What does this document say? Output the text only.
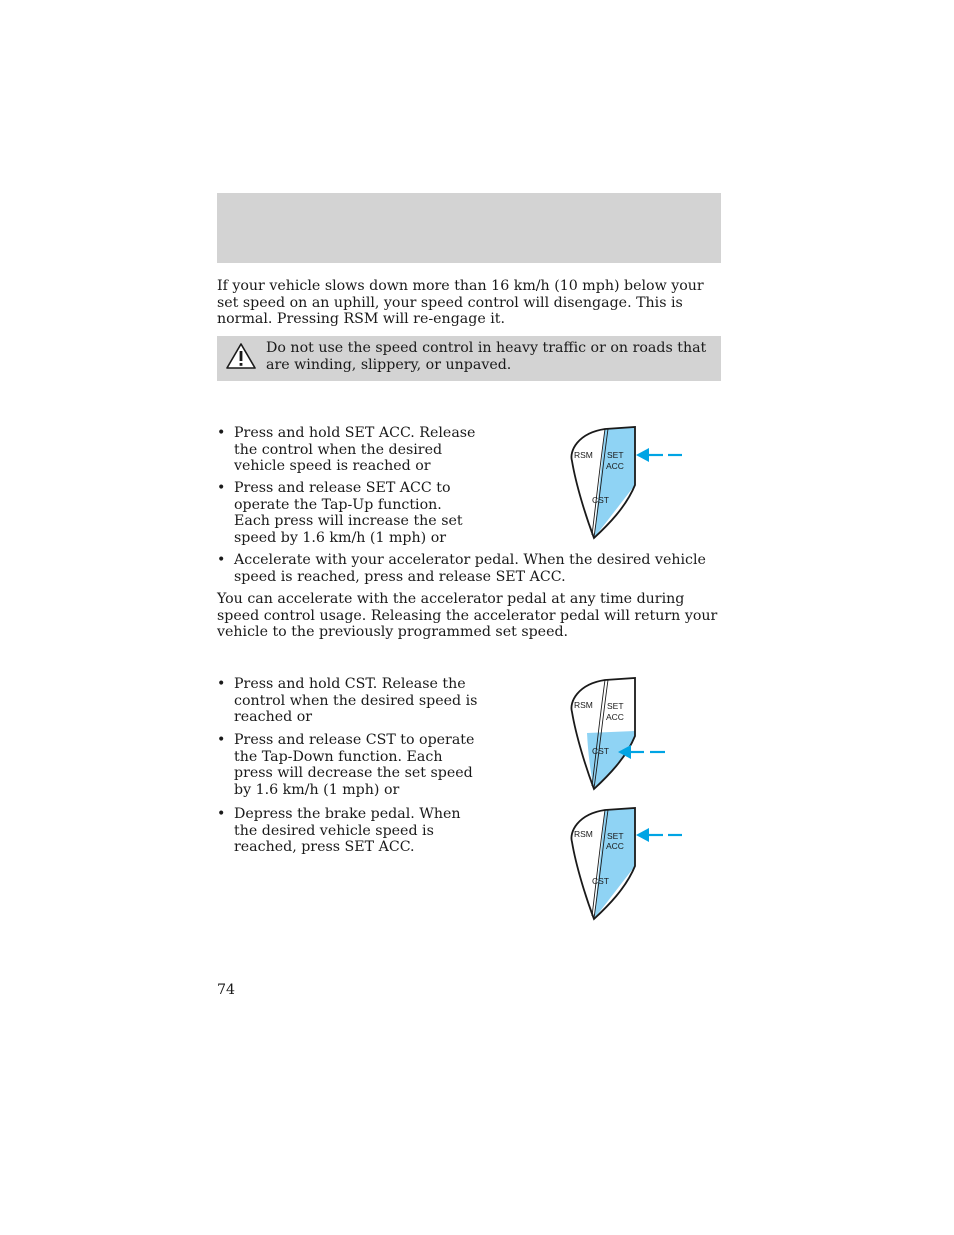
If your vehicle slows down more than 16 km/h (10 mph) below your set speed on an uphill, your speed control will disengage. This is normal. Pressing RSM will re-engage it.

Do not use the speed control in heavy traffic or on roads that are winding, slippery, or unpaved.
• Press and hold SET ACC. Release the control when the desired vehicle speed is reached or
• Press and release SET ACC to operate the Tap-Up function. Each press will increase the set speed by 1.6 km/h (1 mph) or
• Accelerate with your accelerator pedal. When the desired vehicle speed is reached, press and release SET ACC.

You can accelerate with the accelerator pedal at any time during speed control usage. Releasing the accelerator pedal will return your vehicle to the previously programmed set speed.

• Press and hold CST. Release the control when the desired speed is reached or
• Press and release CST to operate the Tap-Down function. Each press will decrease the set speed by 1.6 km/h (1 mph) or
• Depress the brake pedal. When the desired vehicle speed is reached, press SET ACC.
RSM SET
ACC
CST
RSM SET
ACC
CST
RSM SET
ACC
CST
74
